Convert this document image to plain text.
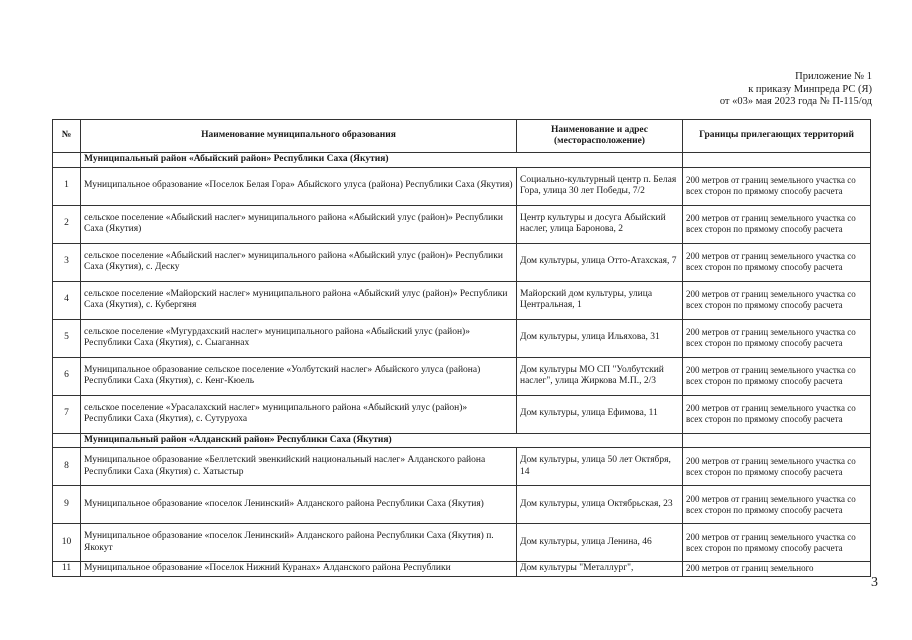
Приложение № 1
к приказу Минпреда РС (Я)
от «03» мая 2023 года № П-115/од
№	Наименование муниципального образования	Наименование и адрес (месторасположение)	Границы прилегающих территорий
	Муниципальный район «Абыйский район» Республики Саха (Якутия)		
1	Муниципальное образование «Поселок Белая Гора» Абыйского улуса (района) Республики Саха (Якутия)	Социально-культурный центр п. Белая Гора, улица 30 лет Победы, 7/2	200 метров от границ земельного участка со всех сторон по прямому способу расчета
2	сельское поселение «Абыйский наслег» муниципального района «Абыйский улус (район)» Республики Саха (Якутия)	Центр культуры и досуга Абыйский наслег, улица Баронова, 2	200 метров от границ земельного участка со всех сторон по прямому способу расчета
3	сельское поселение «Абыйский наслег» муниципального района «Абыйский улус (район)» Республики Саха (Якутия), с. Деску	Дом культуры, улица Отто-Атахская, 7	200 метров от границ земельного участка со всех сторон по прямому способу расчета
4	сельское поселение «Майорский наслег» муниципального района «Абыйский улус (район)» Республики Саха (Якутия), с. Кубергяня	Майорский дом культуры, улица Центральная, 1	200 метров от границ земельного участка со всех сторон по прямому способу расчета
5	сельское поселение «Мугурдахский наслег» муниципального района «Абыйский улус (район)» Республики Саха (Якутия), с. Сыаганнах	Дом культуры, улица Ильяхова, 31	200 метров от границ земельного участка со всех сторон по прямому способу расчета
6	Муниципальное образование сельское поселение «Уолбутский наслег» Абыйского улуса (района) Республики Саха (Якутия), с. Кенг-Кюель	Дом культуры МО СП "Уолбутский наслег", улица Жиркова М.П., 2/3	200 метров от границ земельного участка со всех сторон по прямому способу расчета
7	сельское поселение «Урасалахский наслег» муниципального района «Абыйский улус (район)» Республики Саха (Якутия), с. Сутуруоха	Дом культуры, улица Ефимова, 11	200 метров от границ земельного участка со всех сторон по прямому способу расчета
	Муниципальный район «Алданский район» Республики Саха (Якутия)		
8	Муниципальное образование «Беллетский эвенкийский национальный наслег» Алданского района Республики Саха (Якутия) с. Хатыстыр	Дом культуры, улица 50 лет Октября, 14	200 метров от границ земельного участка со всех сторон по прямому способу расчета
9	Муниципальное образование «поселок Ленинский» Алданского района Республики Саха (Якутия)	Дом культуры, улица Октябрьская, 23	200 метров от границ земельного участка со всех сторон по прямому способу расчета
10	Муниципальное образование «поселок Ленинский» Алданского района Республики Саха (Якутия) п. Якокут	Дом культуры, улица Ленина, 46	200 метров от границ земельного участка со всех сторон по прямому способу расчета
11	Муниципальное образование «Поселок Нижний Куранах» Алданского района Республики	Дом культуры "Металлург",	200 метров от границ земельного
3
